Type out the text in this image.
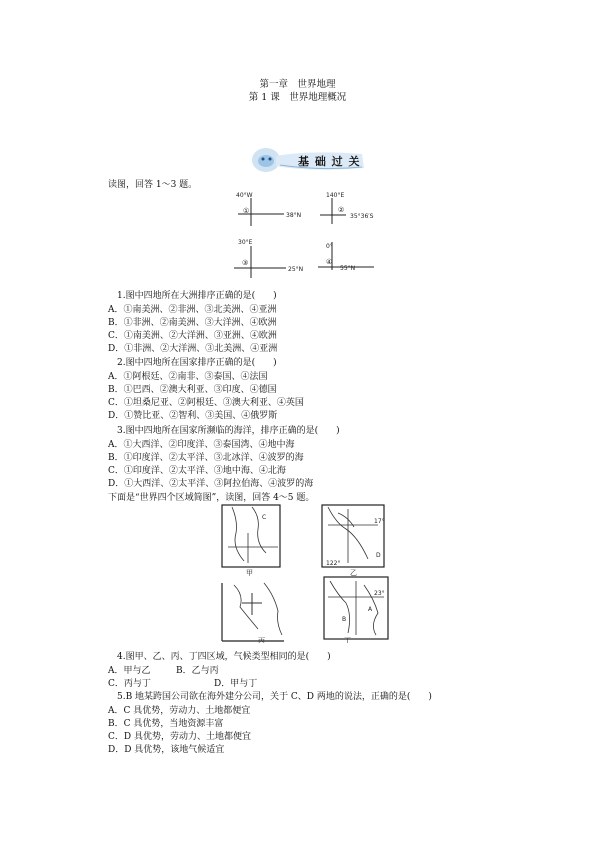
第一章　世界地理
第 1 课　世界地理概况
基 础 过 关
读图，回答 1～3 题。
40°W
38°N
①
140°E
35°36′S
②
30°E
25°N
③
0°
55°N
④
1.图中四地所在大洲排序正确的是(　　)
A．①南美洲、②非洲、③北美洲、④亚洲
B．①非洲、②南美洲、③大洋洲、④欧洲
C．①南美洲、②大洋洲、③亚洲、④欧洲
D．①非洲、②大洋洲、③北美洲、④亚洲
2.图中四地所在国家排序正确的是(　　)
A．①阿根廷、②南非、③泰国、④法国
B．①巴西、②澳大利亚、③印度、④德国
C．①坦桑尼亚、②阿根廷、③澳大利亚、④英国
D．①赞比亚、②智利、③美国、④俄罗斯
3.图中四地所在国家所濒临的海洋，排序正确的是(　　)
A．①大西洋、②印度洋、③泰国湾、④地中海
B．①印度洋、②太平洋、③北冰洋、④波罗的海
C．①印度洋、②太平洋、③地中海、④北海
D．①大西洋、②太平洋、③阿拉伯海、④波罗的海
下面是“世界四个区域简图”，读图，回答 4～5 题。
C
甲
17°
122°
D
乙
丙
23°
A
B
丁
4.图甲、乙、丙、丁四区域，气候类型相同的是(　　)
A．甲与乙	B．乙与丙
C．丙与丁	D．甲与丁
5.B 地某跨国公司欲在海外建分公司，关于 C、D 两地的说法，正确的是(　　)
A．C 具优势，劳动力、土地都便宜
B．C 具优势，当地资源丰富
C．D 具优势，劳动力、土地都便宜
D．D 具优势，该地气候适宜
